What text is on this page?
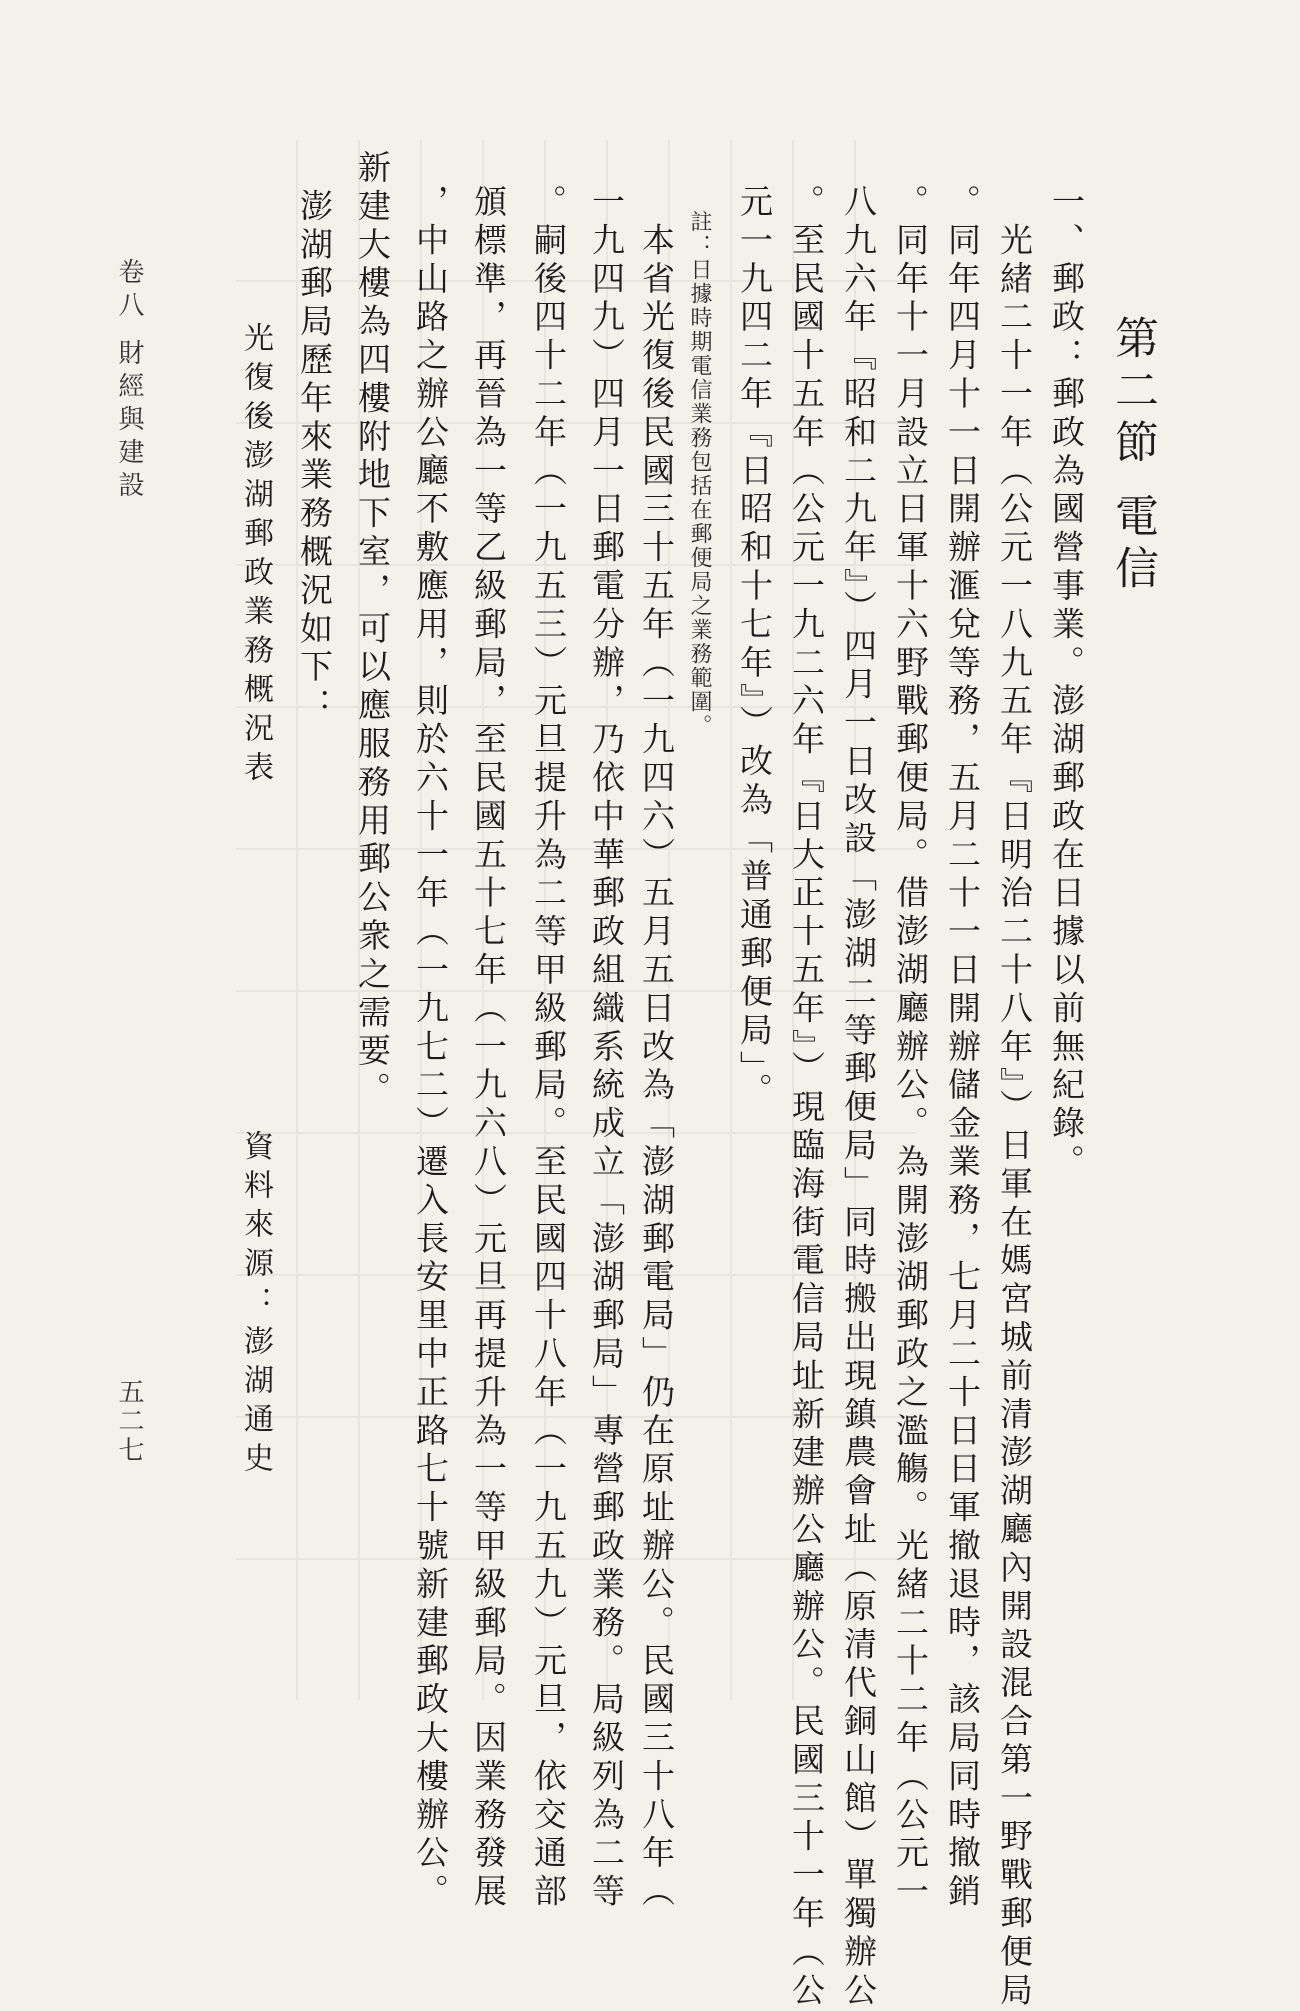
第二節 電信
一、郵政：郵政為國營事業。澎湖郵政在日據以前無紀錄。
　光緒二十一年（公元一八九五年『日明治二十八年』）日軍在媽宮城前清澎湖廳內開設混合第一野戰郵便局
。同年四月十一日開辦滙兌等務，五月二十一日開辦儲金業務，七月二十日日軍撤退時，該局同時撤銷
。同年十一月設立日軍十六野戰郵便局。借澎湖廳辦公。為開澎湖郵政之濫觴。光緒二十二年（公元一
八九六年『昭和二九年』）四月一日改設「澎湖二等郵便局」同時搬出現鎮農會址（原清代銅山館）單獨辦公
。至民國十五年（公元一九二六年『日大正十五年』）現臨海街電信局址新建辦公廳辦公。民國三十一年（公
元一九四二年『日昭和十七年』）改為「普通郵便局」。
　註：日據時期電信業務包括在郵便局之業務範圍。
　本省光復後民國三十五年（一九四六）五月五日改為「澎湖郵電局」仍在原址辦公。民國三十八年（
一九四九）四月一日郵電分辦，乃依中華郵政組織系統成立「澎湖郵局」專營郵政業務。局級列為二等
。嗣後四十二年（一九五三）元旦提升為二等甲級郵局。至民國四十八年（一九五九）元旦，依交通部
頒標準，再晉為一等乙級郵局，至民國五十七年（一九六八）元旦再提升為一等甲級郵局。因業務發展
，中山路之辦公廳不敷應用，則於六十一年（一九七二）遷入長安里中正路七十號新建郵政大樓辦公。
新建大樓為四樓附地下室，可以應服務用郵公衆之需要。
　澎湖郵局歷年來業務概況如下：
卷八 財經與建設
五二七
光復後澎湖郵政業務概況表
資料來源：澎湖通史
